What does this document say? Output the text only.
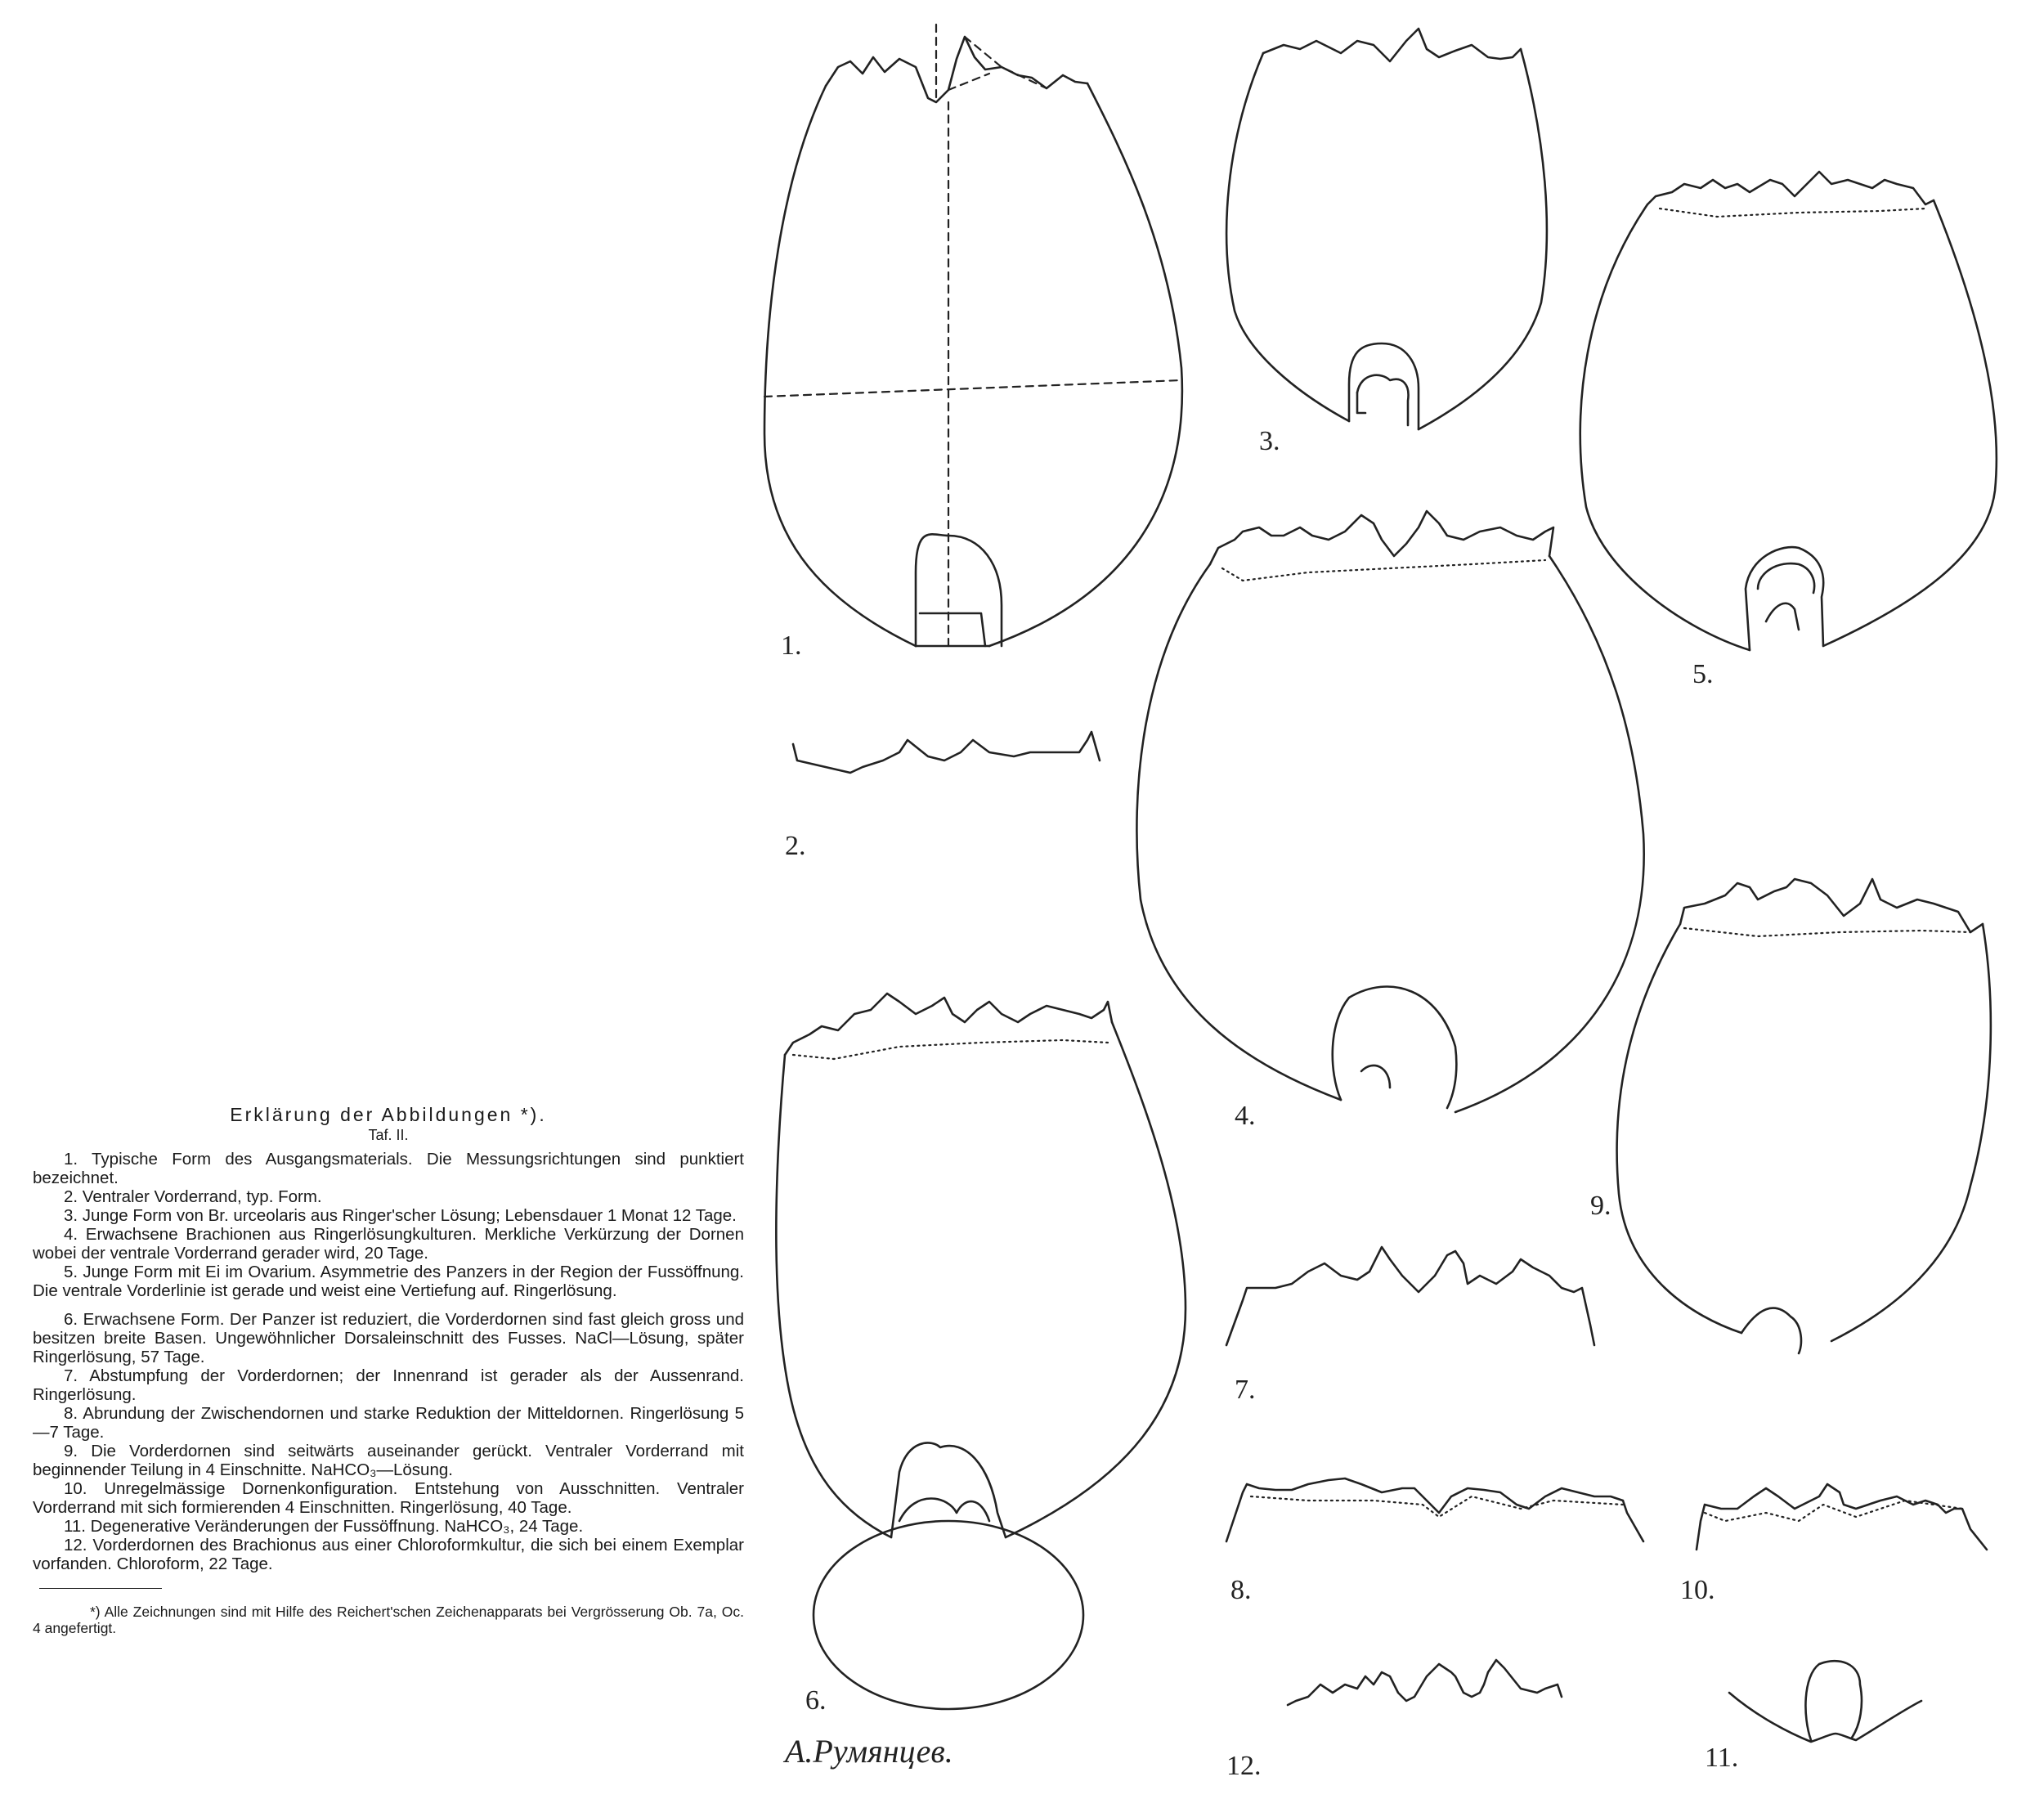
1.
2.
3.
4.
5.
6.
7.
8.
9.
10.
11.
12.
А.Румянцев.
Erklärung der Abbildungen *).
Taf. II.

1. Typische Form des Ausgangsmaterials. Die Messungsrichtungen sind punktiert bezeichnet.

2. Ventraler Vorderrand, typ. Form.

3. Junge Form von Br. urceolaris aus Ringer'scher Lösung; Lebensdauer 1 Monat 12 Tage.

4. Erwachsene Brachionen aus Ringerlösungkulturen. Merkliche Verkürzung der Dornen wobei der ventrale Vorderrand gerader wird, 20 Tage.

5. Junge Form mit Ei im Ovarium. Asymmetrie des Panzers in der Region der Fussöffnung. Die ventrale Vorderlinie ist gerade und weist eine Vertiefung auf. Ringerlösung.

6. Erwachsene Form. Der Panzer ist reduziert, die Vorderdornen sind fast gleich gross und besitzen breite Basen. Ungewöhnlicher Dorsaleinschnitt des Fusses. NaCl—Lösung, später Ringerlösung, 57 Tage.

7. Abstumpfung der Vorderdornen; der Innenrand ist gerader als der Aussenrand. Ringerlösung.

8. Abrundung der Zwischendornen und starke Reduktion der Mitteldornen. Ringerlösung 5—7 Tage.

9. Die Vorderdornen sind seitwärts auseinander gerückt. Ventraler Vorderrand mit beginnender Teilung in 4 Einschnitte. NaHCO₃—Lösung.

10. Unregelmässige Dornenkonfiguration. Entstehung von Ausschnitten. Ventraler Vorderrand mit sich formierenden 4 Einschnitten. Ringerlösung, 40 Tage.

11. Degenerative Veränderungen der Fussöffnung. NaHCO₃, 24 Tage.

12. Vorderdornen des Brachionus aus einer Chloroformkultur, die sich bei einem Exemplar vorfanden. Chloroform, 22 Tage.

*) Alle Zeichnungen sind mit Hilfe des Reichert'schen Zeichenapparats bei Vergrösserung Ob. 7a, Oc. 4 angefertigt.
